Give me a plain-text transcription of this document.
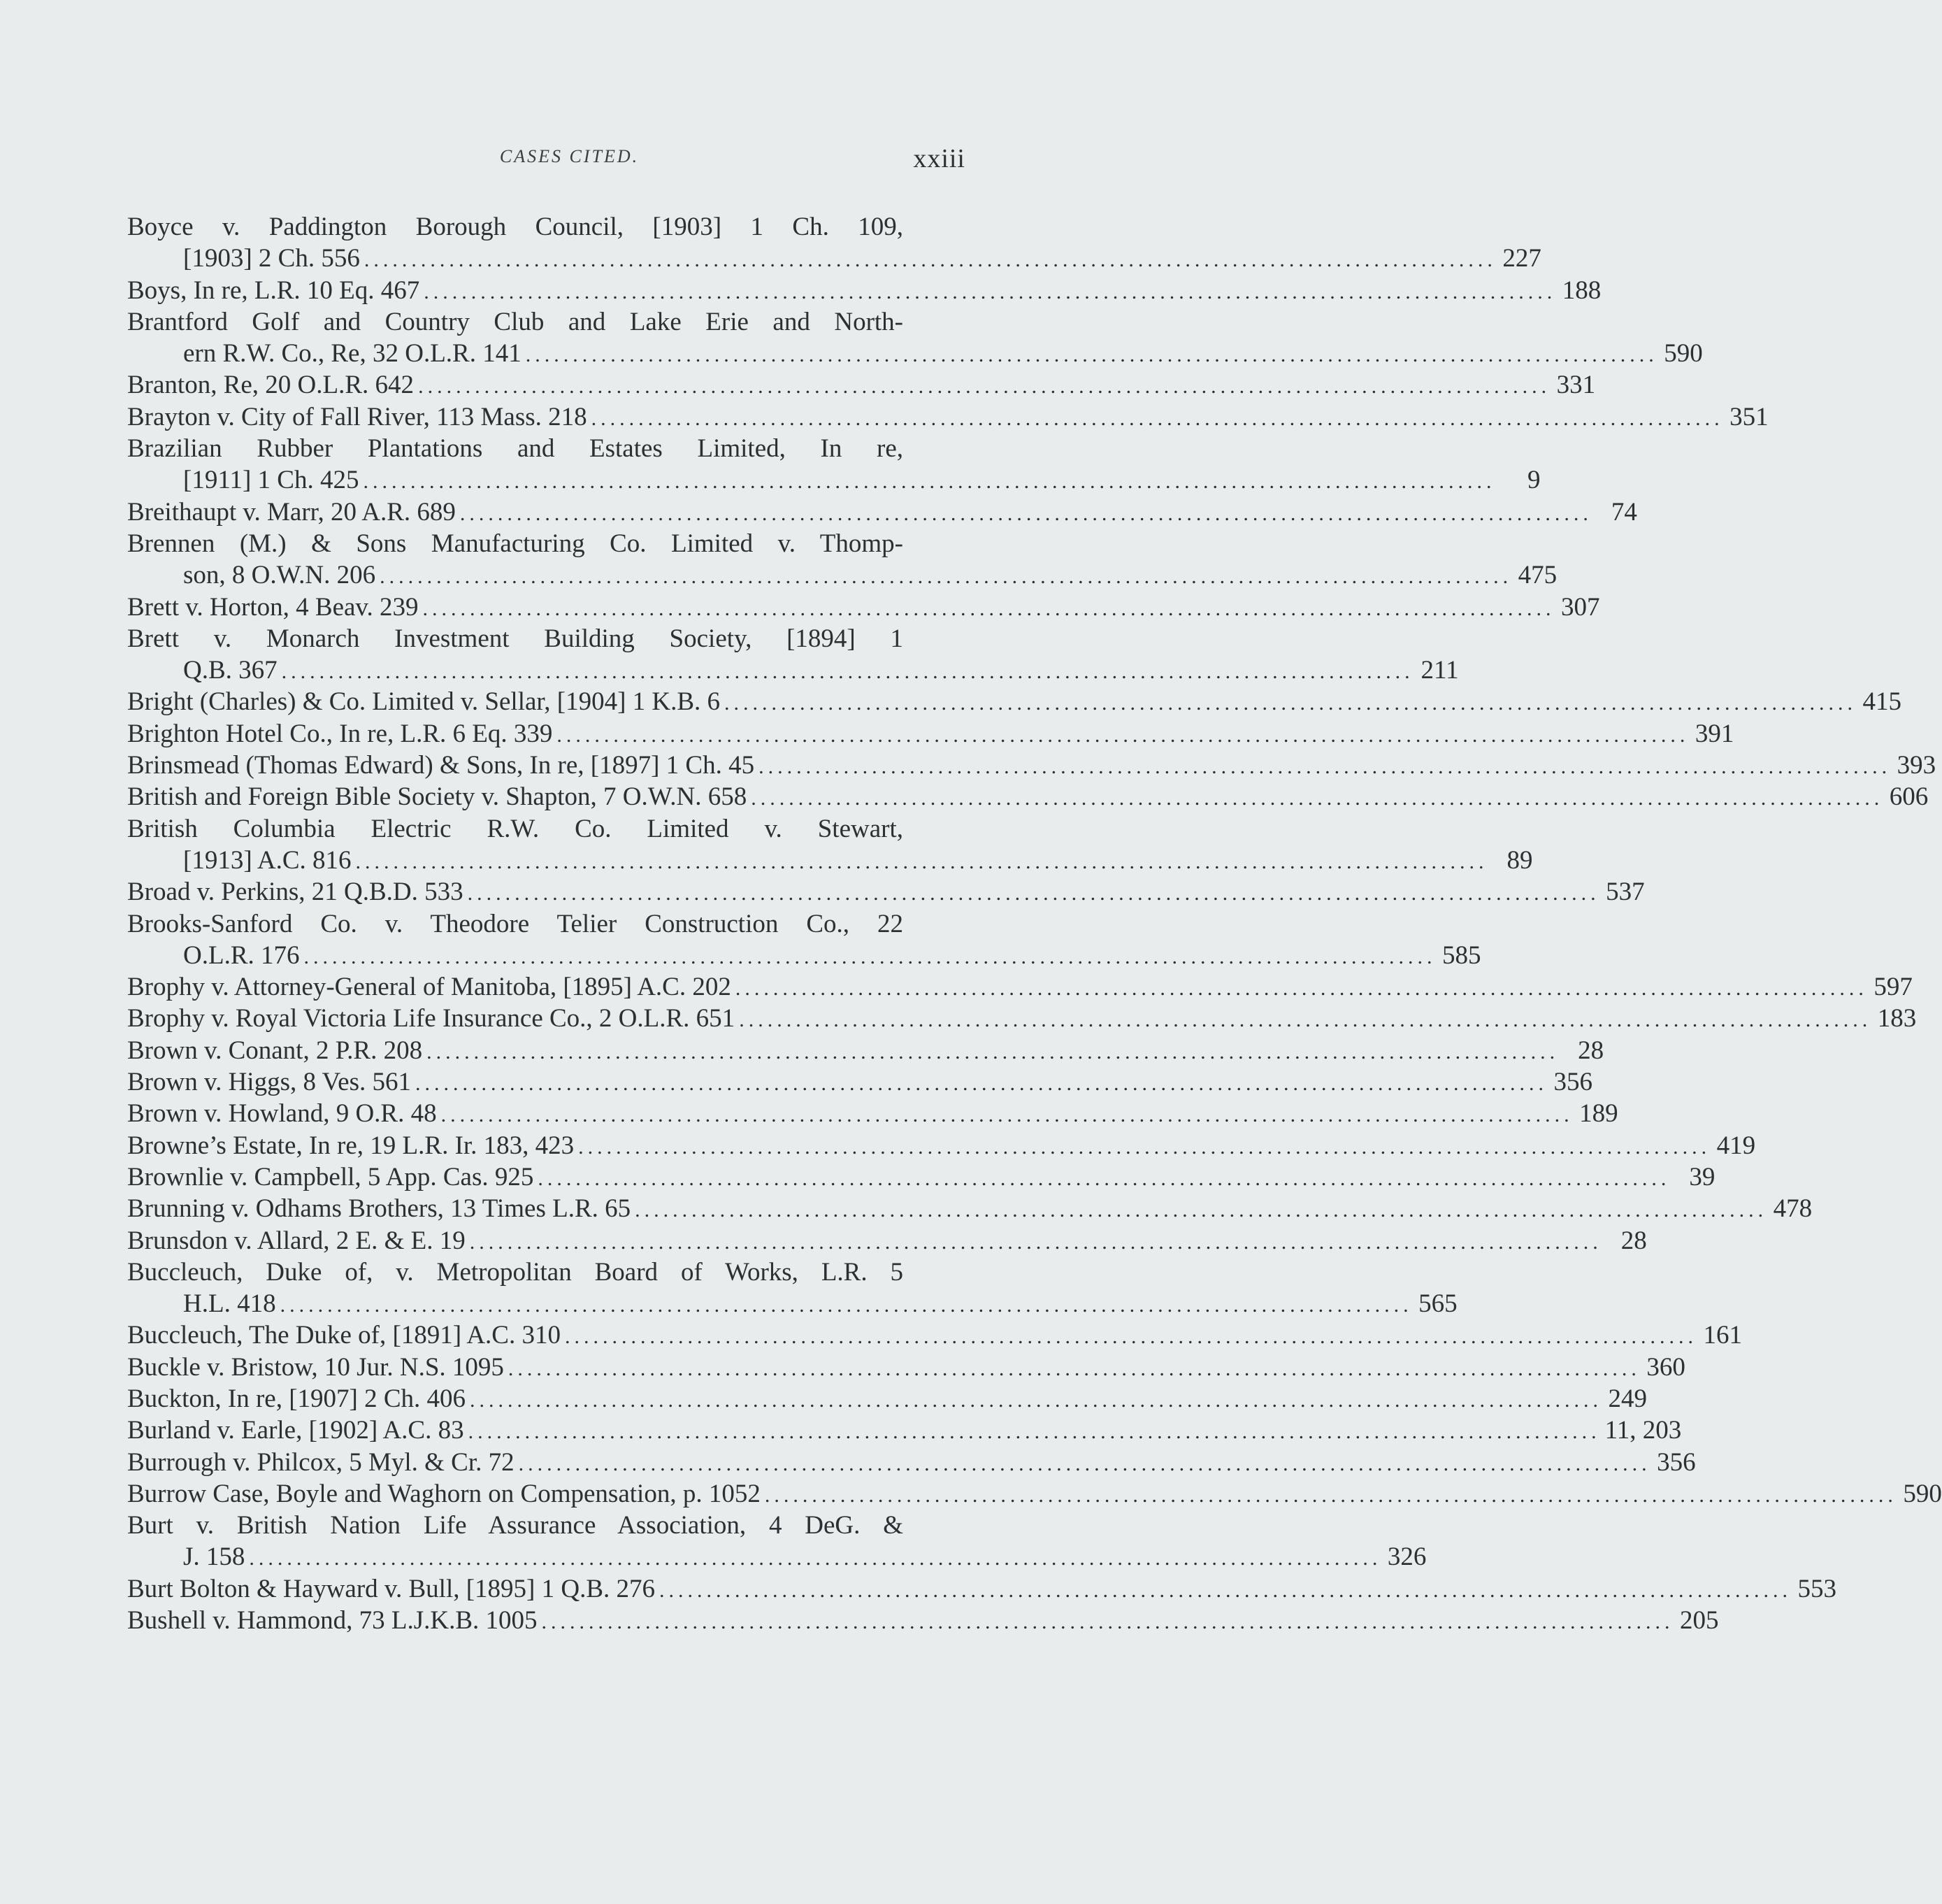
CASES CITED.	xxiii
Boyce v. Paddington Borough Council, [1903] 1 Ch. 109,
[1903] 2 Ch. 556 ........................................................................................................................ 227
Boys, In re, L.R. 10 Eq. 467 ........................................................................................................................ 188
Brantford Golf and Country Club and Lake Erie and North-
ern R.W. Co., Re, 32 O.L.R. 141 ........................................................................................................................ 590
Branton, Re, 20 O.L.R. 642 ........................................................................................................................ 331
Brayton v. City of Fall River, 113 Mass. 218 ........................................................................................................................ 351
Brazilian Rubber Plantations and Estates Limited, In re,
[1911] 1 Ch. 425 ........................................................................................................................	9
Breithaupt v. Marr, 20 A.R. 689 ........................................................................................................................ 74
Brennen (M.) & Sons Manufacturing Co. Limited v. Thomp-
son, 8 O.W.N. 206 ........................................................................................................................ 475
Brett v. Horton, 4 Beav. 239 ........................................................................................................................ 307
Brett v. Monarch Investment Building Society, [1894] 1
Q.B. 367 ........................................................................................................................ 211
Bright (Charles) & Co. Limited v. Sellar, [1904] 1 K.B. 6 ........................................................................................................................ 415
Brighton Hotel Co., In re, L.R. 6 Eq. 339 ........................................................................................................................ 391
Brinsmead (Thomas Edward) & Sons, In re, [1897] 1 Ch. 45 ........................................................................................................................ 393
British and Foreign Bible Society v. Shapton, 7 O.W.N. 658 ........................................................................................................................ 606
British Columbia Electric R.W. Co. Limited v. Stewart,
[1913] A.C. 816 ........................................................................................................................ 89
Broad v. Perkins, 21 Q.B.D. 533 ........................................................................................................................ 537
Brooks-Sanford Co. v. Theodore Telier Construction Co., 22
O.L.R. 176 ........................................................................................................................ 585
Brophy v. Attorney-General of Manitoba, [1895] A.C. 202 ........................................................................................................................ 597
Brophy v. Royal Victoria Life Insurance Co., 2 O.L.R. 651 ........................................................................................................................ 183
Brown v. Conant, 2 P.R. 208 ........................................................................................................................ 28
Brown v. Higgs, 8 Ves. 561 ........................................................................................................................ 356
Brown v. Howland, 9 O.R. 48 ........................................................................................................................ 189
Browne’s Estate, In re, 19 L.R. Ir. 183, 423 ........................................................................................................................ 419
Brownlie v. Campbell, 5 App. Cas. 925 ........................................................................................................................ 39
Brunning v. Odhams Brothers, 13 Times L.R. 65 ........................................................................................................................ 478
Brunsdon v. Allard, 2 E. & E. 19 ........................................................................................................................ 28
Buccleuch, Duke of, v. Metropolitan Board of Works, L.R. 5
H.L. 418 ........................................................................................................................ 565
Buccleuch, The Duke of, [1891] A.C. 310 ........................................................................................................................ 161
Buckle v. Bristow, 10 Jur. N.S. 1095 ........................................................................................................................ 360
Buckton, In re, [1907] 2 Ch. 406 ........................................................................................................................ 249
Burland v. Earle, [1902] A.C. 83 ........................................................................................................................ 11, 203
Burrough v. Philcox, 5 Myl. & Cr. 72 ........................................................................................................................ 356
Burrow Case, Boyle and Waghorn on Compensation, p. 1052 ........................................................................................................................ 590
Burt v. British Nation Life Assurance Association, 4 DeG. &
J. 158 ........................................................................................................................ 326
Burt Bolton & Hayward v. Bull, [1895] 1 Q.B. 276 ........................................................................................................................ 553
Bushell v. Hammond, 73 L.J.K.B. 1005 ........................................................................................................................ 205
